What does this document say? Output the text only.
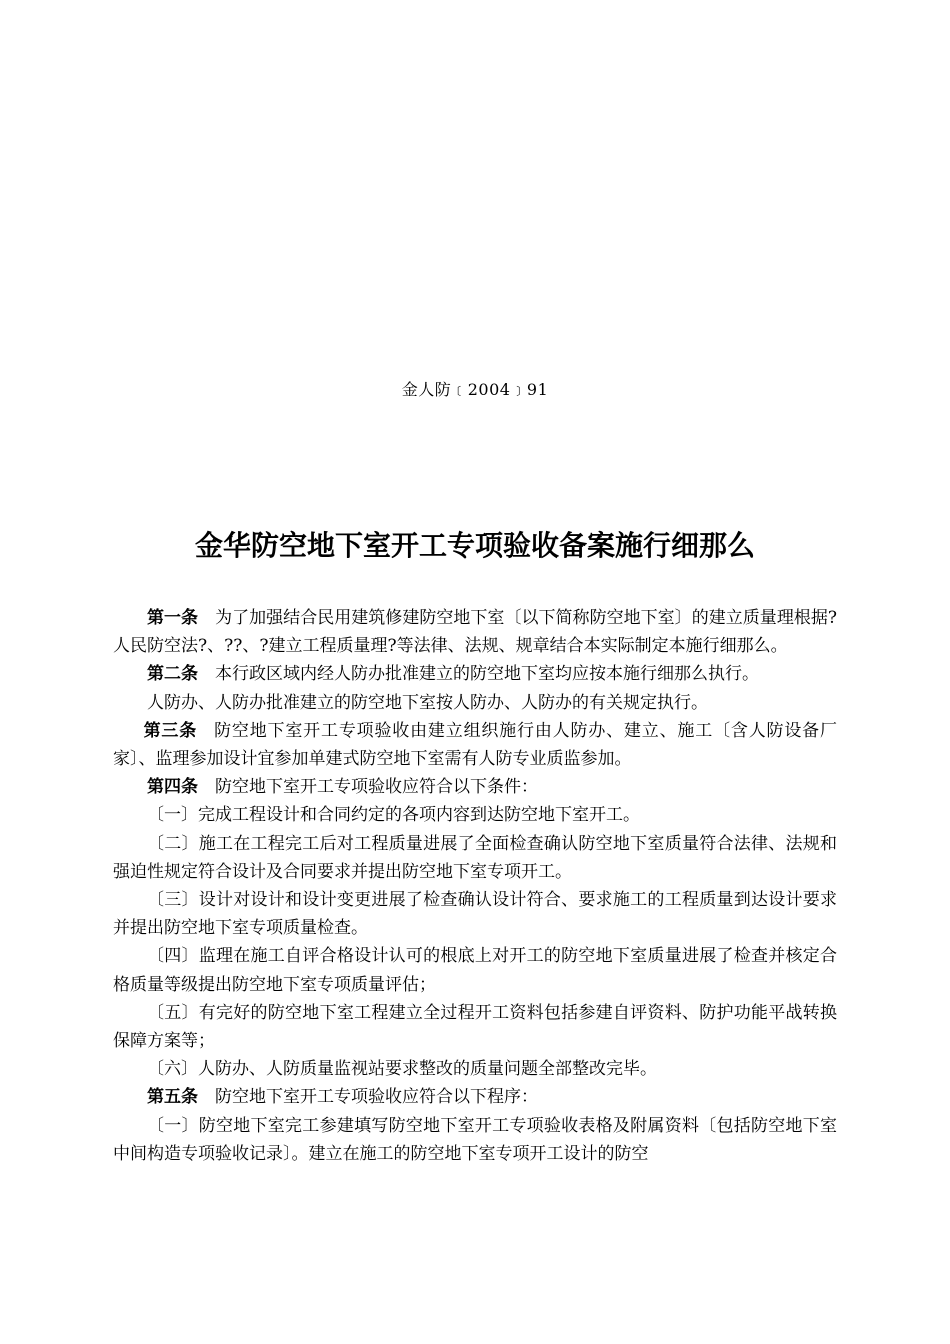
金人防﹝2004﹞91
金华防空地下室开工专项验收备案施行细那么

第一条 为了加强结合民用建筑修建防空地下室〔以下简称防空地下室〕的建立质量理根据?人民防空法?、??、?建立工程质量理?等法律、法规、规章结合本实际制定本施行细那么。

第二条 本行政区域内经人防办批准建立的防空地下室均应按本施行细那么执行。

人防办、人防办批准建立的防空地下室按人防办、人防办的有关规定执行。

第三条 防空地下室开工专项验收由建立组织施行由人防办、建立、施工〔含人防设备厂家〕、监理参加设计宜参加单建式防空地下室需有人防专业质监参加。

第四条 防空地下室开工专项验收应符合以下条件：

〔一〕完成工程设计和合同约定的各项内容到达防空地下室开工。

〔二〕施工在工程完工后对工程质量进展了全面检查确认防空地下室质量符合法律、法规和强迫性规定符合设计及合同要求并提出防空地下室专项开工。

〔三〕设计对设计和设计变更进展了检查确认设计符合、要求施工的工程质量到达设计要求并提出防空地下室专项质量检查。

〔四〕监理在施工自评合格设计认可的根底上对开工的防空地下室质量进展了检查并核定合格质量等级提出防空地下室专项质量评估；

〔五〕有完好的防空地下室工程建立全过程开工资料包括参建自评资料、防护功能平战转换保障方案等；

〔六〕人防办、人防质量监视站要求整改的质量问题全部整改完毕。

第五条 防空地下室开工专项验收应符合以下程序：

〔一〕防空地下室完工参建填写防空地下室开工专项验收表格及附属资料〔包括防空地下室中间构造专项验收记录〕。建立在施工的防空地下室专项开工设计的防空
